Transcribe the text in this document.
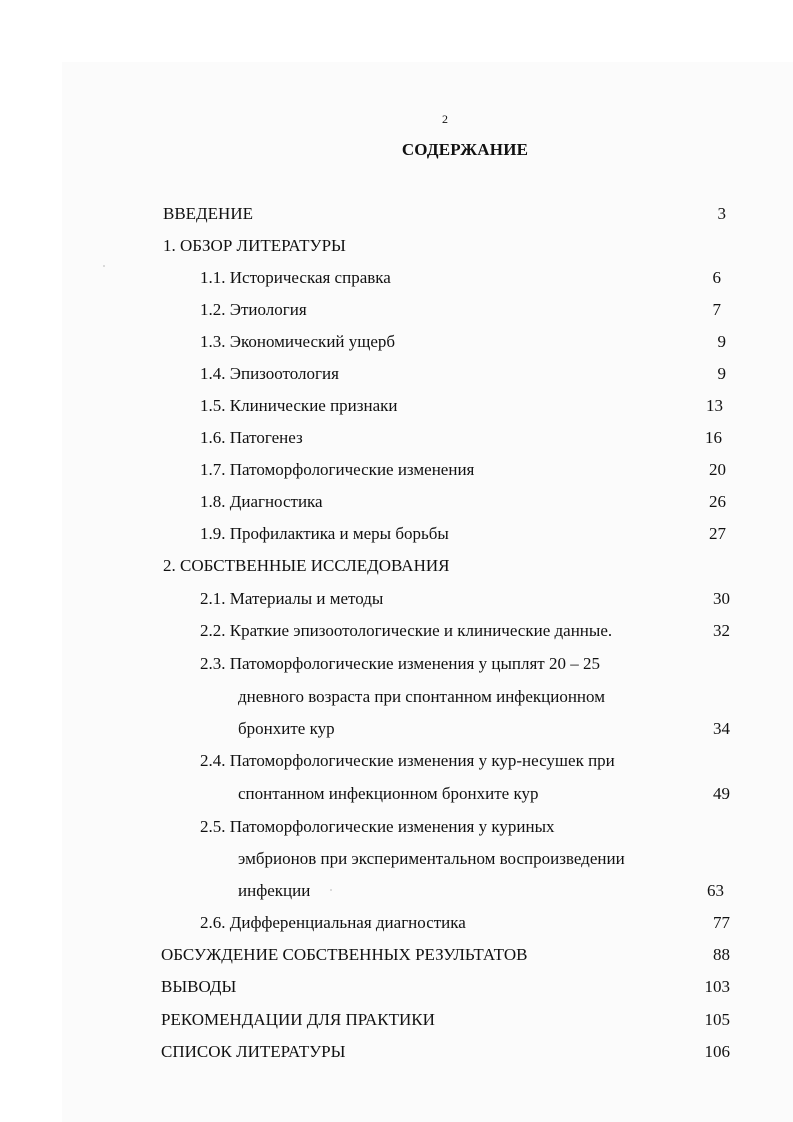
2
СОДЕРЖАНИЕ
ВВЕДЕНИЕ	3
1. ОБЗОР ЛИТЕРАТУРЫ
1.1. Историческая справка	6
1.2. Этиология	7
1.3. Экономический ущерб	9
1.4. Эпизоотология	9
1.5. Клинические признаки	13
1.6. Патогенез	16
1.7. Патоморфологические изменения	20
1.8. Диагностика	26
1.9. Профилактика и меры борьбы	27
2. СОБСТВЕННЫЕ ИССЛЕДОВАНИЯ
2.1. Материалы и методы	30
2.2. Краткие эпизоотологические и клинические данные.	32
2.3. Патоморфологические изменения у цыплят 20 – 25
дневного возраста при спонтанном инфекционном
бронхите кур	34
2.4. Патоморфологические изменения у кур-несушек при
спонтанном инфекционном бронхите кур	49
2.5. Патоморфологические изменения у куриных
эмбрионов при экспериментальном воспроизведении
инфекции	63
2.6. Дифференциальная диагностика	77
ОБСУЖДЕНИЕ СОБСТВЕННЫХ РЕЗУЛЬТАТОВ	88
ВЫВОДЫ	103
РЕКОМЕНДАЦИИ ДЛЯ ПРАКТИКИ	105
СПИСОК ЛИТЕРАТУРЫ	106
